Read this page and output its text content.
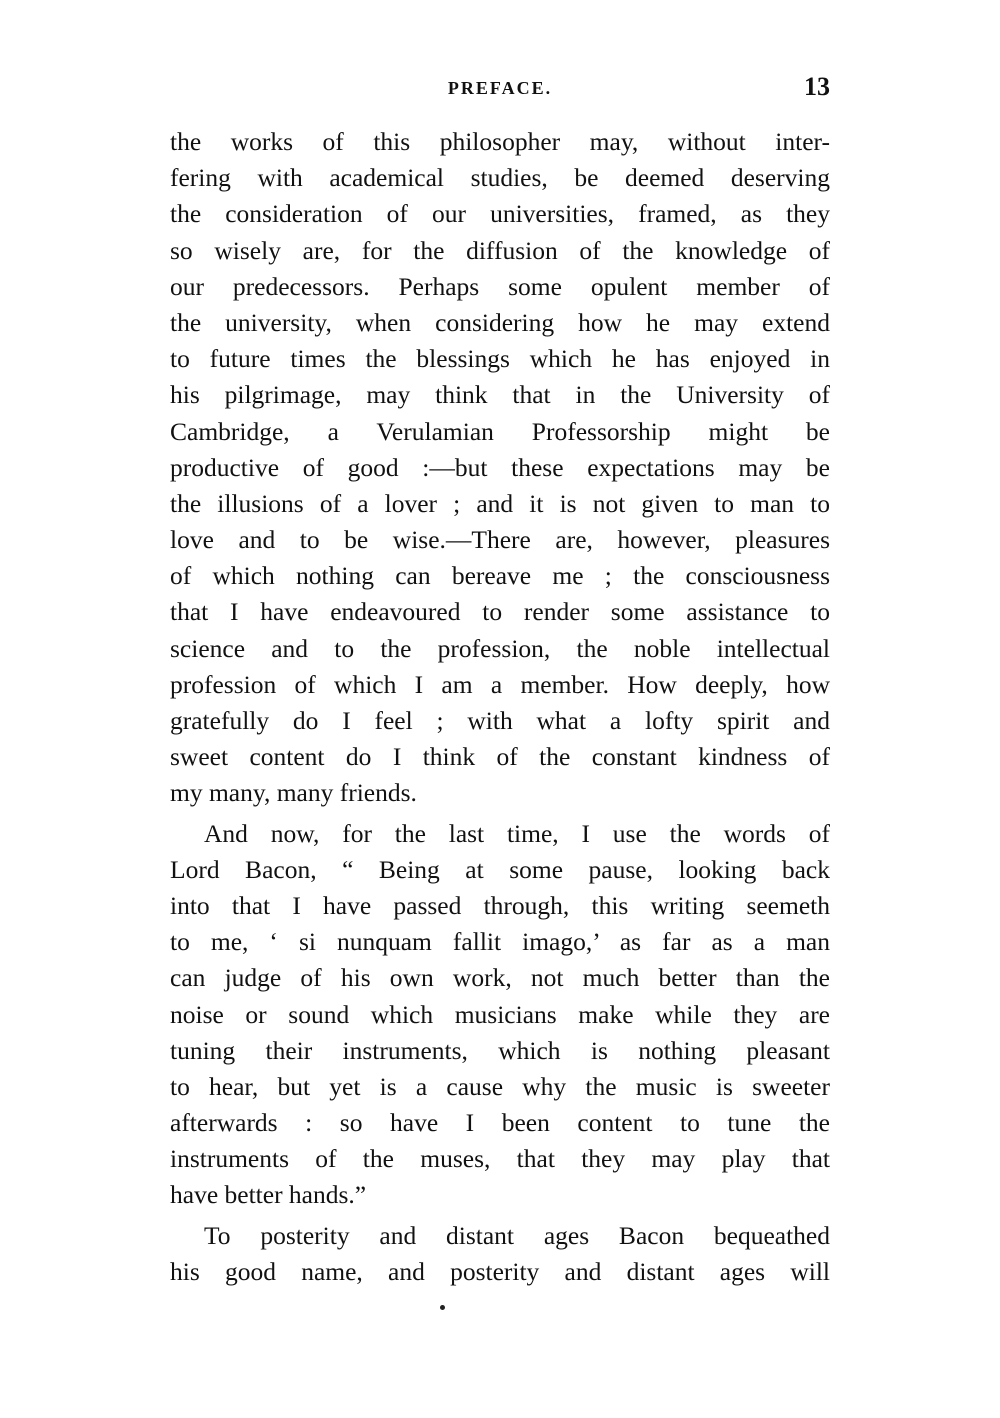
PREFACE.	13
the works of this philosopher may, without inter-
fering with academical studies, be deemed deserving
the consideration of our universities, framed, as they
so wisely are, for the diffusion of the knowledge of
our predecessors. Perhaps some opulent member of
the university, when considering how he may extend
to future times the blessings which he has enjoyed in
his pilgrimage, may think that in the University of
Cambridge, a Verulamian Professorship might be
productive of good :—but these expectations may be
the illusions of a lover ; and it is not given to man to
love and to be wise.—There are, however, pleasures
of which nothing can bereave me ; the consciousness
that I have endeavoured to render some assistance to
science and to the profession, the noble intellectual
profession of which I am a member. How deeply, how
gratefully do I feel ; with what a lofty spirit and
sweet content do I think of the constant kindness of
my many, many friends.
And now, for the last time, I use the words of
Lord Bacon, “ Being at some pause, looking back
into that I have passed through, this writing seemeth
to me, ‘ si nunquam fallit imago,’ as far as a man
can judge of his own work, not much better than the
noise or sound which musicians make while they are
tuning their instruments, which is nothing pleasant
to hear, but yet is a cause why the music is sweeter
afterwards : so have I been content to tune the
instruments of the muses, that they may play that
have better hands.”
To posterity and distant ages Bacon bequeathed
his good name, and posterity and distant ages will
